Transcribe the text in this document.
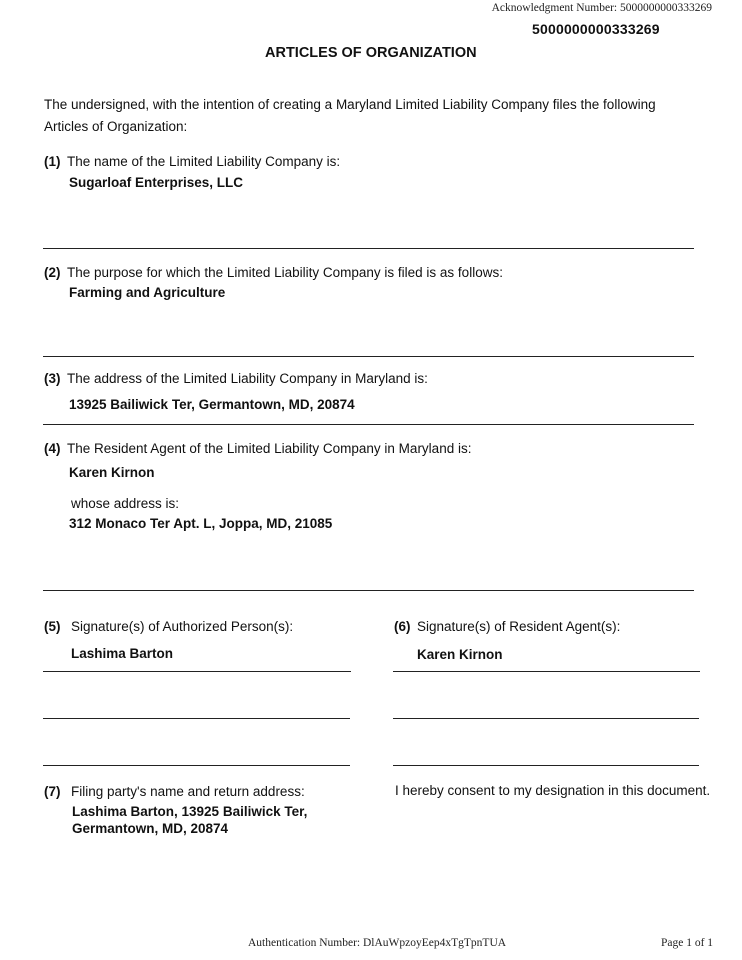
Acknowledgment Number: 5000000000333269
5000000000333269
ARTICLES OF ORGANIZATION
The undersigned, with the intention of creating a Maryland Limited Liability Company files the following
Articles of Organization:
(1) The name of the Limited Liability Company is:
Sugarloaf Enterprises, LLC
(2) The purpose for which the Limited Liability Company is filed is as follows:
Farming and Agriculture
(3) The address of the Limited Liability Company in Maryland is:
13925 Bailiwick Ter, Germantown, MD, 20874
(4) The Resident Agent of the Limited Liability Company in Maryland is:
Karen Kirnon
whose address is:
312 Monaco Ter Apt. L, Joppa, MD, 21085
(5) Signature(s) of Authorized Person(s):
Lashima Barton
(6) Signature(s) of Resident Agent(s):
Karen Kirnon
(7) Filing party's name and return address:
Lashima Barton, 13925 Bailiwick Ter,
Germantown, MD, 20874
I hereby consent to my designation in this document.
Authentication Number: DlAuWpzoyEep4xTgTpnTUA	Page 1 of 1
